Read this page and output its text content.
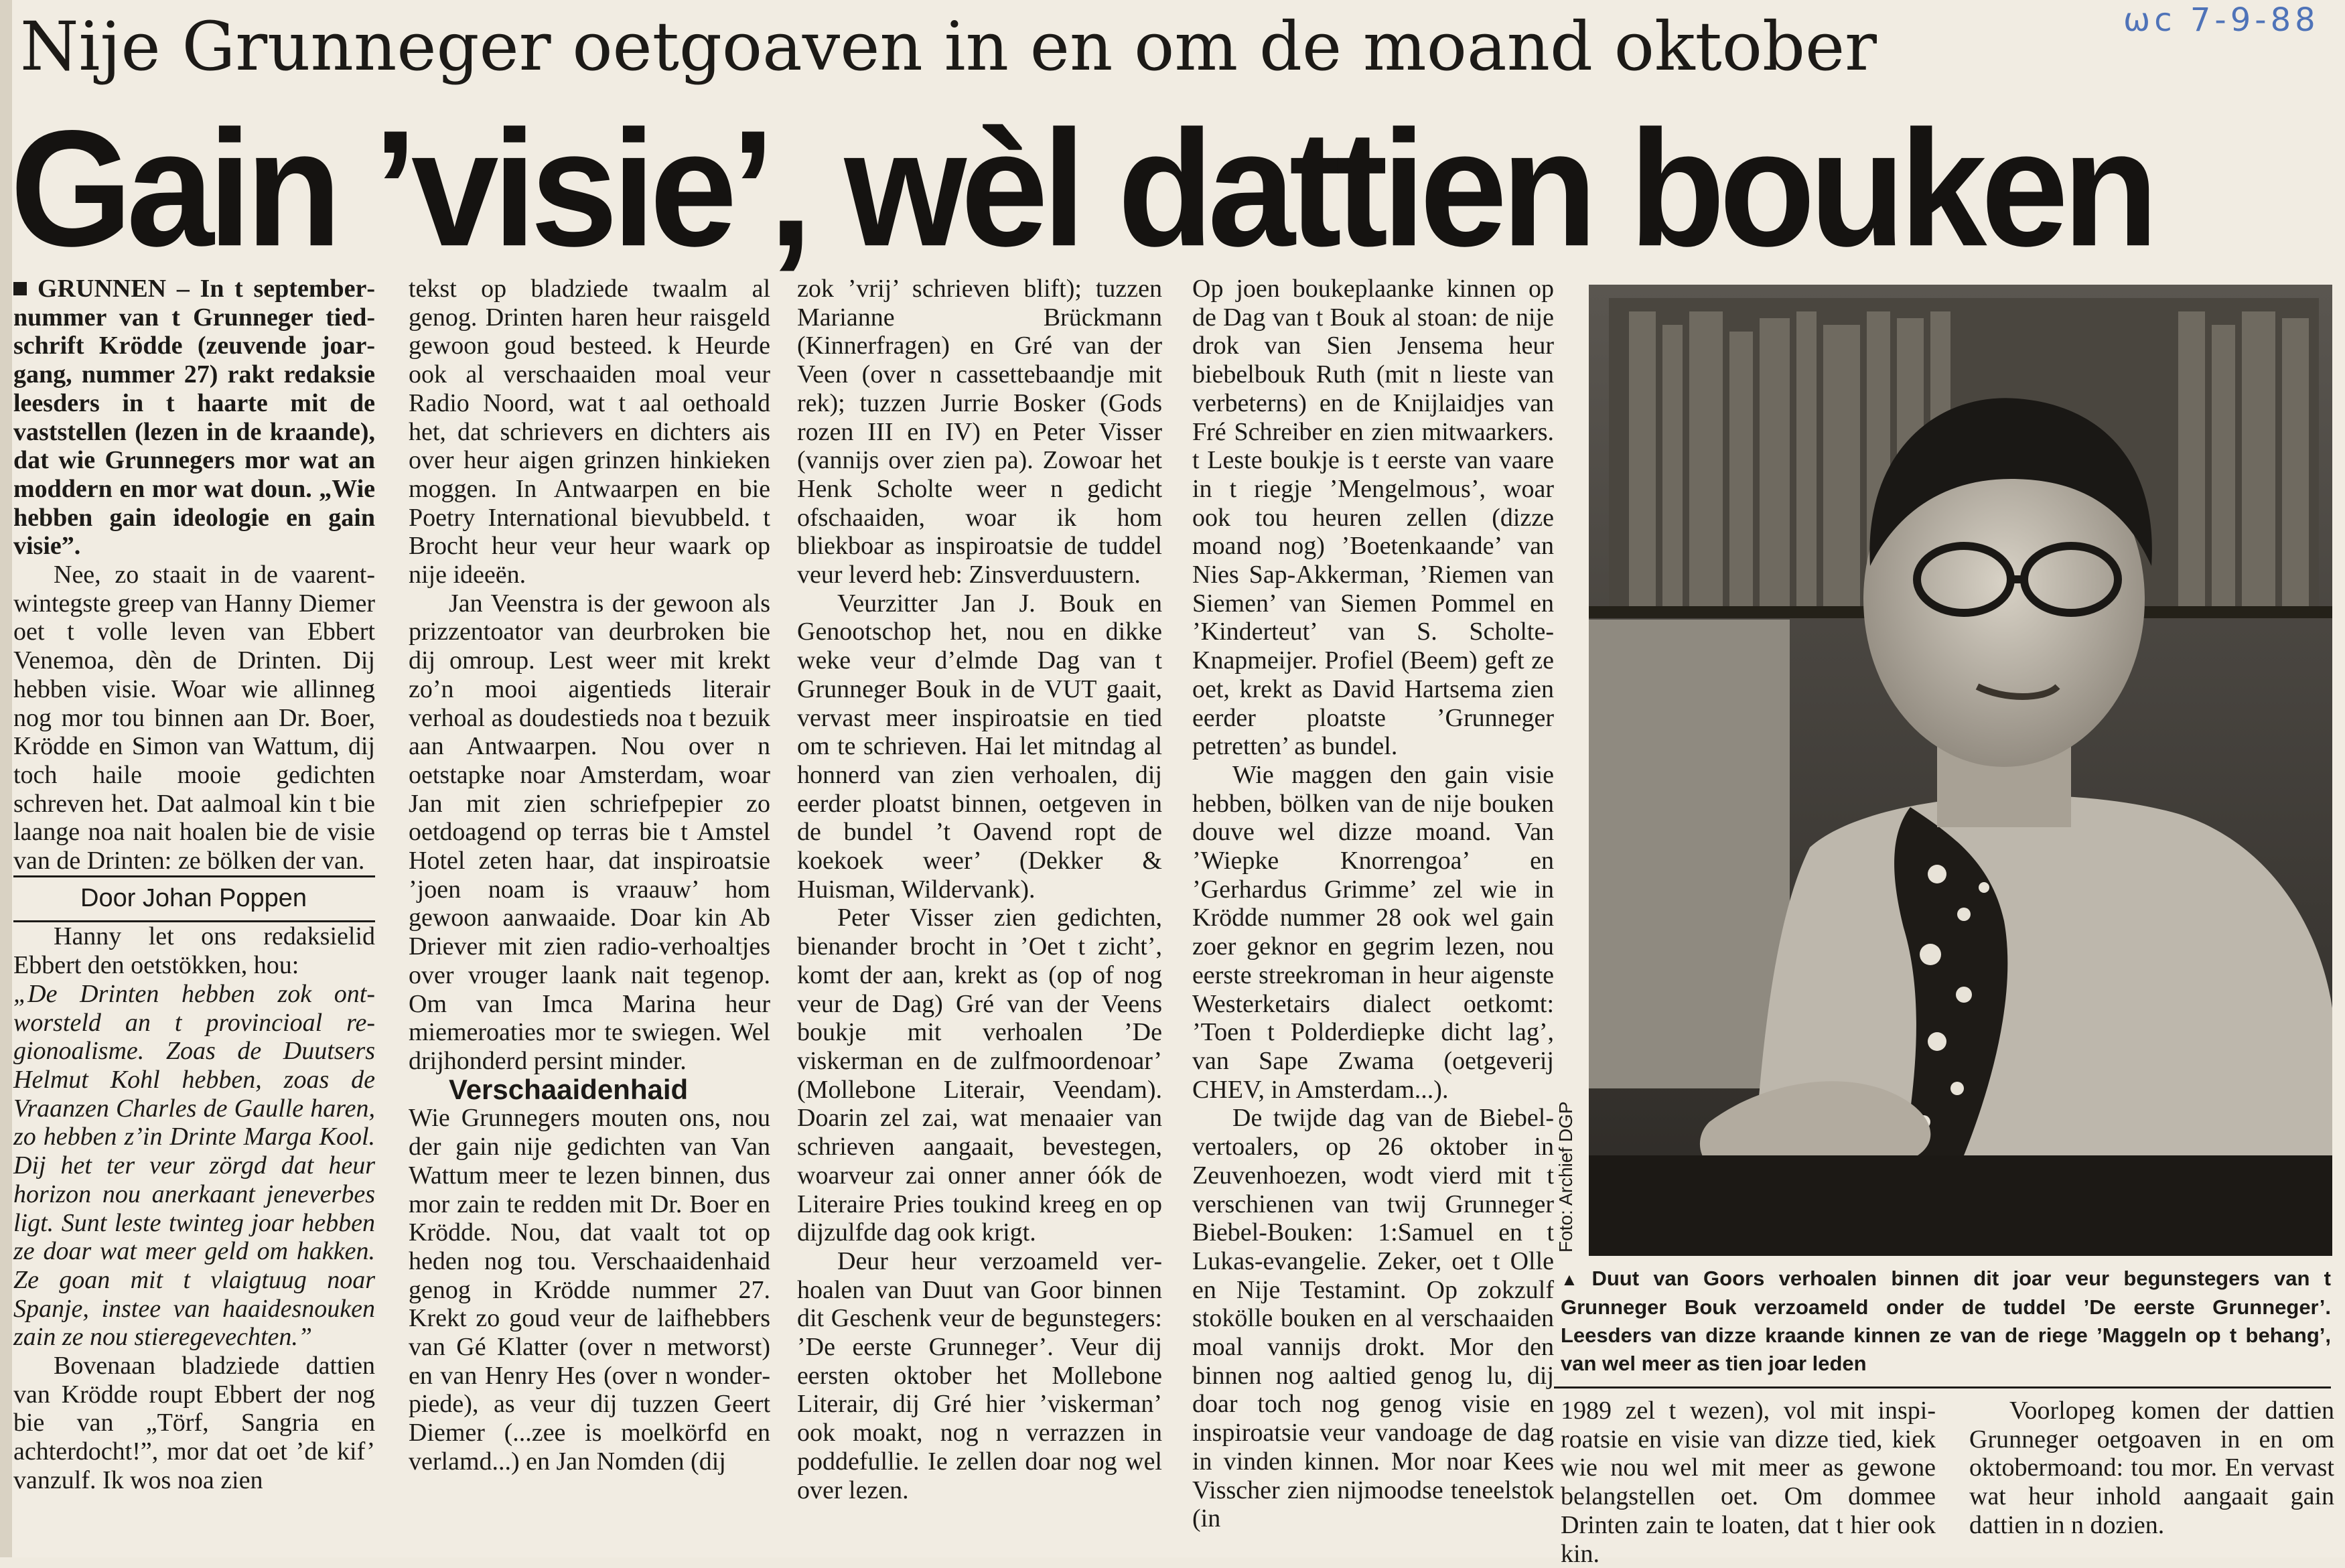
ωc 7-9-88
Nije Grunneger oetgoaven in en om de moand oktober
Gain ’visie’, wèl dattien bouken

GRUNNEN – In t septembernummer van t Grunneger tiedschrift Krödde (zeuvende joargang, nummer 27) rakt redaksie leesders in t haarte mit de vaststellen (lezen in de kraande), dat wie Grunnegers mor wat an moddern en mor wat doun. „Wie hebben gain ideologie en gain visie”.

Nee, zo staait in de vaarentwintegste greep van Hanny Diemer oet t volle leven van Ebbert Venemoa, dèn de Drinten. Dij hebben visie. Woar wie allinneg nog mor tou binnen aan Dr. Boer, Krödde en Simon van Wattum, dij toch haile mooie gedichten schreven het. Dat aalmoal kin t bie laange noa nait hoalen bie de visie van de Drinten: ze bölken der van.

Door Johan Poppen

Hanny let ons redaksielid Ebbert den oetstökken, hou:

„De Drinten hebben zok ontworsteld an t provincioal regionoalisme. Zoas de Duutsers Helmut Kohl hebben, zoas de Vraanzen Charles de Gaulle haren, zo hebben z’in Drinte Marga Kool. Dij het ter veur zörgd dat heur horizon nou anerkaant jeneverbes ligt. Sunt leste twinteg joar hebben ze doar wat meer geld om hakken. Ze goan mit t vlaigtuug noar Spanje, instee van haaidesnouken zain ze nou stieregevechten.”

Bovenaan bladziede dattien van Krödde roupt Ebbert der nog bie van „Törf, Sangria en achterdocht!”, mor dat oet ’de kif’ vanzulf. Ik wos noa zien

tekst op bladziede twaalm al genog. Drinten haren heur raisgeld gewoon goud besteed. k Heurde ook al verschaaiden moal veur Radio Noord, wat t aal oethoald het, dat schrievers en dichters ais over heur aigen grinzen hinkieken moggen. In Antwaarpen en bie Poetry International bievubbeld. t Brocht heur veur heur waark op nije ideeën.

Jan Veenstra is der gewoon als prizzentoator van deurbroken bie dij omroup. Lest weer mit krekt zo’n mooi aigentieds literair verhoal as doudestieds noa t bezuik aan Antwaarpen. Nou over n oetstapke noar Amsterdam, woar Jan mit zien schriefpepier zo oetdoagend op terras bie t Amstel Hotel zeten haar, dat inspiroatsie ’joen noam is vraauw’ hom gewoon aanwaaide. Doar kin Ab Driever mit zien radio-verhoaltjes over vrouger laank nait tegenop. Om van Imca Marina heur miemeroaties mor te swiegen. Wel drijhonderd persint minder.

Verschaaidenhaid

Wie Grunnegers mouten ons, nou der gain nije gedichten van Van Wattum meer te lezen binnen, dus mor zain te redden mit Dr. Boer en Krödde. Nou, dat vaalt tot op heden nog tou. Verschaaidenhaid genog in Krödde nummer 27. Krekt zo goud veur de laifhebbers van Gé Klatter (over n metworst) en van Henry Hes (over n wonderpiede), as veur dij tuzzen Geert Diemer (...zee is moelkörfd en verlamd...) en Jan Nomden (dij

zok ’vrij’ schrieven blift); tuzzen Marianne Brückmann (Kinnerfragen) en Gré van der Veen (over n cassettebaandje mit rek); tuzzen Jurrie Bosker (Gods rozen III en IV) en Peter Visser (vannijs over zien pa). Zowoar het Henk Scholte weer n gedicht ofschaaiden, woar ik hom bliekboar as inspiroatsie de tuddel veur leverd heb: Zinsverduustern.

Veurzitter Jan J. Bouk en Genootschop het, nou en dikke weke veur d’elmde Dag van t Grunneger Bouk in de VUT gaait, vervast meer inspiroatsie en tied om te schrieven. Hai let mitndag al honnerd van zien verhoalen, dij eerder ploatst binnen, oetgeven in de bundel ’t Oavend ropt de koekoek weer’ (Dekker & Huisman, Wildervank).

Peter Visser zien gedichten, bienander brocht in ’Oet t zicht’, komt der aan, krekt as (op of nog veur de Dag) Gré van der Veens boukje mit verhoalen ’De viskerman en de zulfmoordenoar’ (Mollebone Literair, Veendam). Doarin zel zai, wat menaaier van schrieven aangaait, bevestegen, woarveur zai onner anner óók de Literaire Pries toukind kreeg en op dijzulfde dag ook krigt.

Deur heur verzoameld verhoalen van Duut van Goor binnen dit Geschenk veur de begunstegers: ’De eerste Grunneger’. Veur dij eersten oktober het Mollebone Literair, dij Gré hier ’viskerman’ ook moakt, nog n verrazzen in poddefullie. Ie zellen doar nog wel over lezen.

Op joen boukeplaanke kinnen op de Dag van t Bouk al stoan: de nije drok van Sien Jensema heur biebelbouk Ruth (mit n lieste van verbeterns) en de Knijlaidjes van Fré Schreiber en zien mitwaarkers. t Leste boukje is t eerste van vaare in t riegje ’Mengelmous’, woar ook tou heuren zellen (dizze moand nog) ’Boetenkaande’ van Nies Sap-Akkerman, ’Riemen van Siemen’ van Siemen Pommel en ’Kinderteut’ van S. Scholte-Knapmeijer. Profiel (Beem) geft ze oet, krekt as David Hartsema zien eerder ploatste ’Grunneger petretten’ as bundel.

Wie maggen den gain visie hebben, bölken van de nije bouken douve wel dizze moand. Van ’Wiepke Knorrengoa’ en ’Gerhardus Grimme’ zel wie in Krödde nummer 28 ook wel gain zoer geknor en gegrim lezen, nou eerste streekroman in heur aigenste Westerketairs dialect oetkomt: ’Toen t Polderdiepke dicht lag’, van Sape Zwama (oetgeverij CHEV, in Amsterdam...).

De twijde dag van de Biebelvertoalers, op 26 oktober in Zeuvenhoezen, wodt vierd mit t verschienen van twij Grunneger Biebel-Bouken: 1:Samuel en t Lukas-evangelie. Zeker, oet t Olle en Nije Testamint. Op zokzulf stokölle bouken en al verschaaiden moal vannijs drokt. Mor den binnen nog aaltied genog lu, dij doar toch nog genog visie en inspiroatsie veur vandoage de dag in vinden kinnen. Mor noar Kees Visscher zien nijmoodse teneelstok (in

Foto: Archief DGP
▲ Duut van Goors verhoalen binnen dit joar veur begunstegers van t Grunneger Bouk verzoameld onder de tuddel ’De eerste Grunneger’. Leesders van dizze kraande kinnen ze van de riege ’Maggeln op t behang’, van wel meer as tien joar leden

1989 zel t wezen), vol mit inspiroatsie en visie van dizze tied, kiek wie nou wel mit meer as gewone belangstellen oet. Om dommee Drinten zain te loaten, dat t hier ook kin.

Voorlopeg komen der dattien Grunneger oetgoaven in en om oktobermoand: tou mor. En vervast wat heur inhold aangaait gain dattien in n dozien.
